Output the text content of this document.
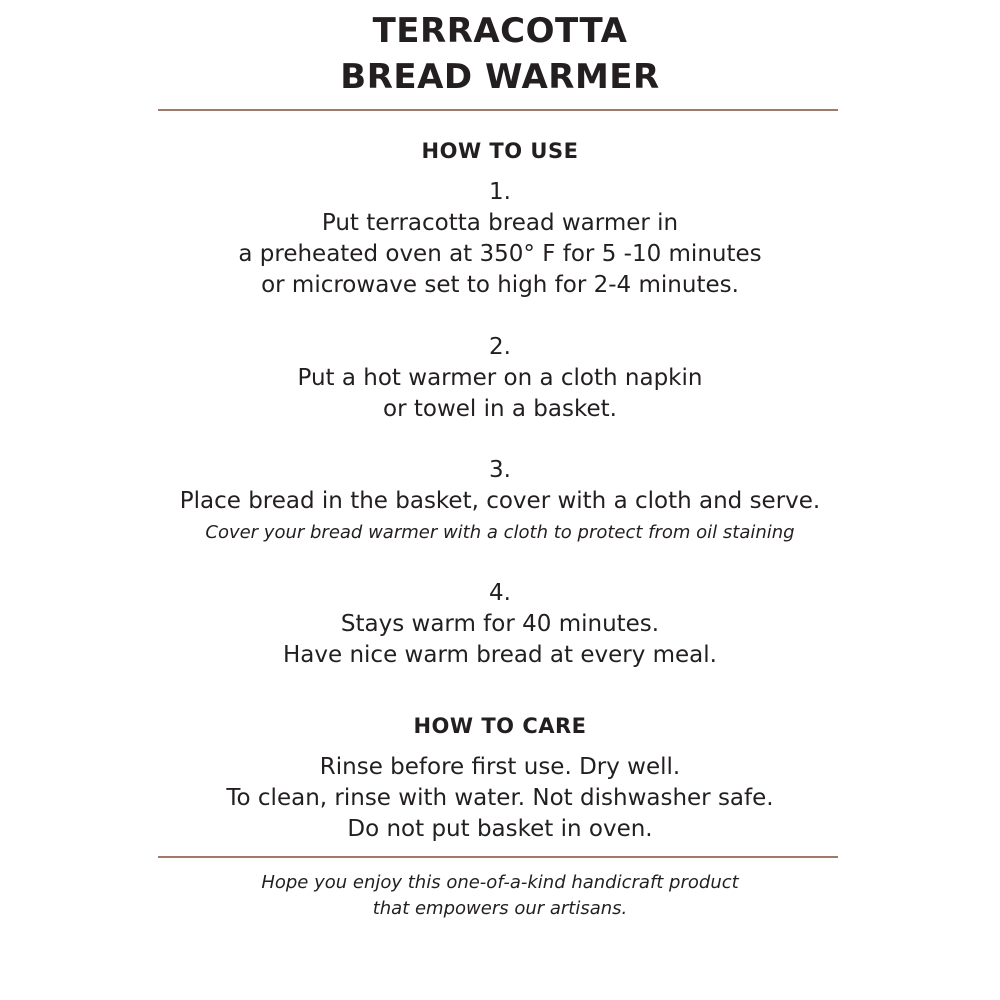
TERRACOTTA
BREAD WARMER
HOW TO USE
1.
Put terracotta bread warmer in
a preheated oven at 350° F for 5 -10 minutes
or microwave set to high for 2-4 minutes.
2.
Put a hot warmer on a cloth napkin
or towel in a basket.
3.
Place bread in the basket, cover with a cloth and serve.
Cover your bread warmer with a cloth to protect from oil staining
4.
Stays warm for 40 minutes.
Have nice warm bread at every meal.
HOW TO CARE
Rinse before first use. Dry well.
To clean, rinse with water. Not dishwasher safe.
Do not put basket in oven.
Hope you enjoy this one-of-a-kind handicraft product
that empowers our artisans.
